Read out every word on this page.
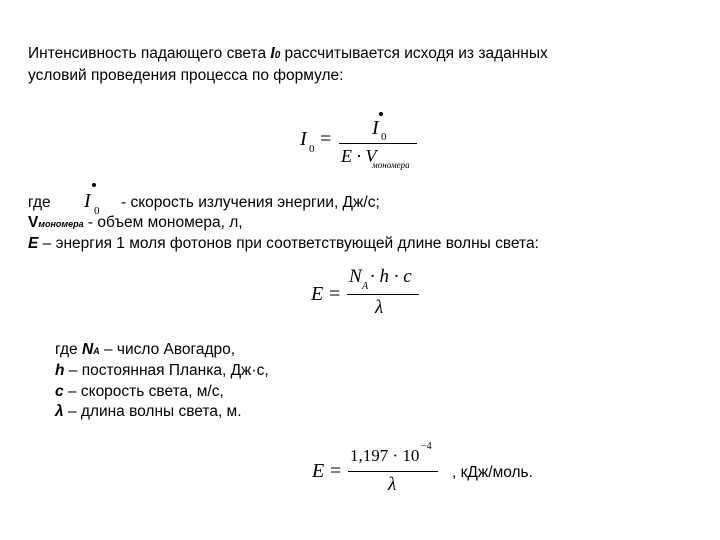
Интенсивность падающего света I0 рассчитывается исходя из заданных
условий проведения процесса по формуле:
I 0 = I 0
E · V
мономера
где I 0 - скорость излучения энергии, Дж/с;
Vмономера - объем мономера, л,
E – энергия 1 моля фотонов при соответствующей длине волны света:
E =
N A · h · c
λ
где NA – число Авогадро,
h – постоянная Планка, Дж·с,
c – скорость света, м/с,
λ – длина волны света, м.
E =
1,197 · 10 −4
λ
, кДж/моль.
